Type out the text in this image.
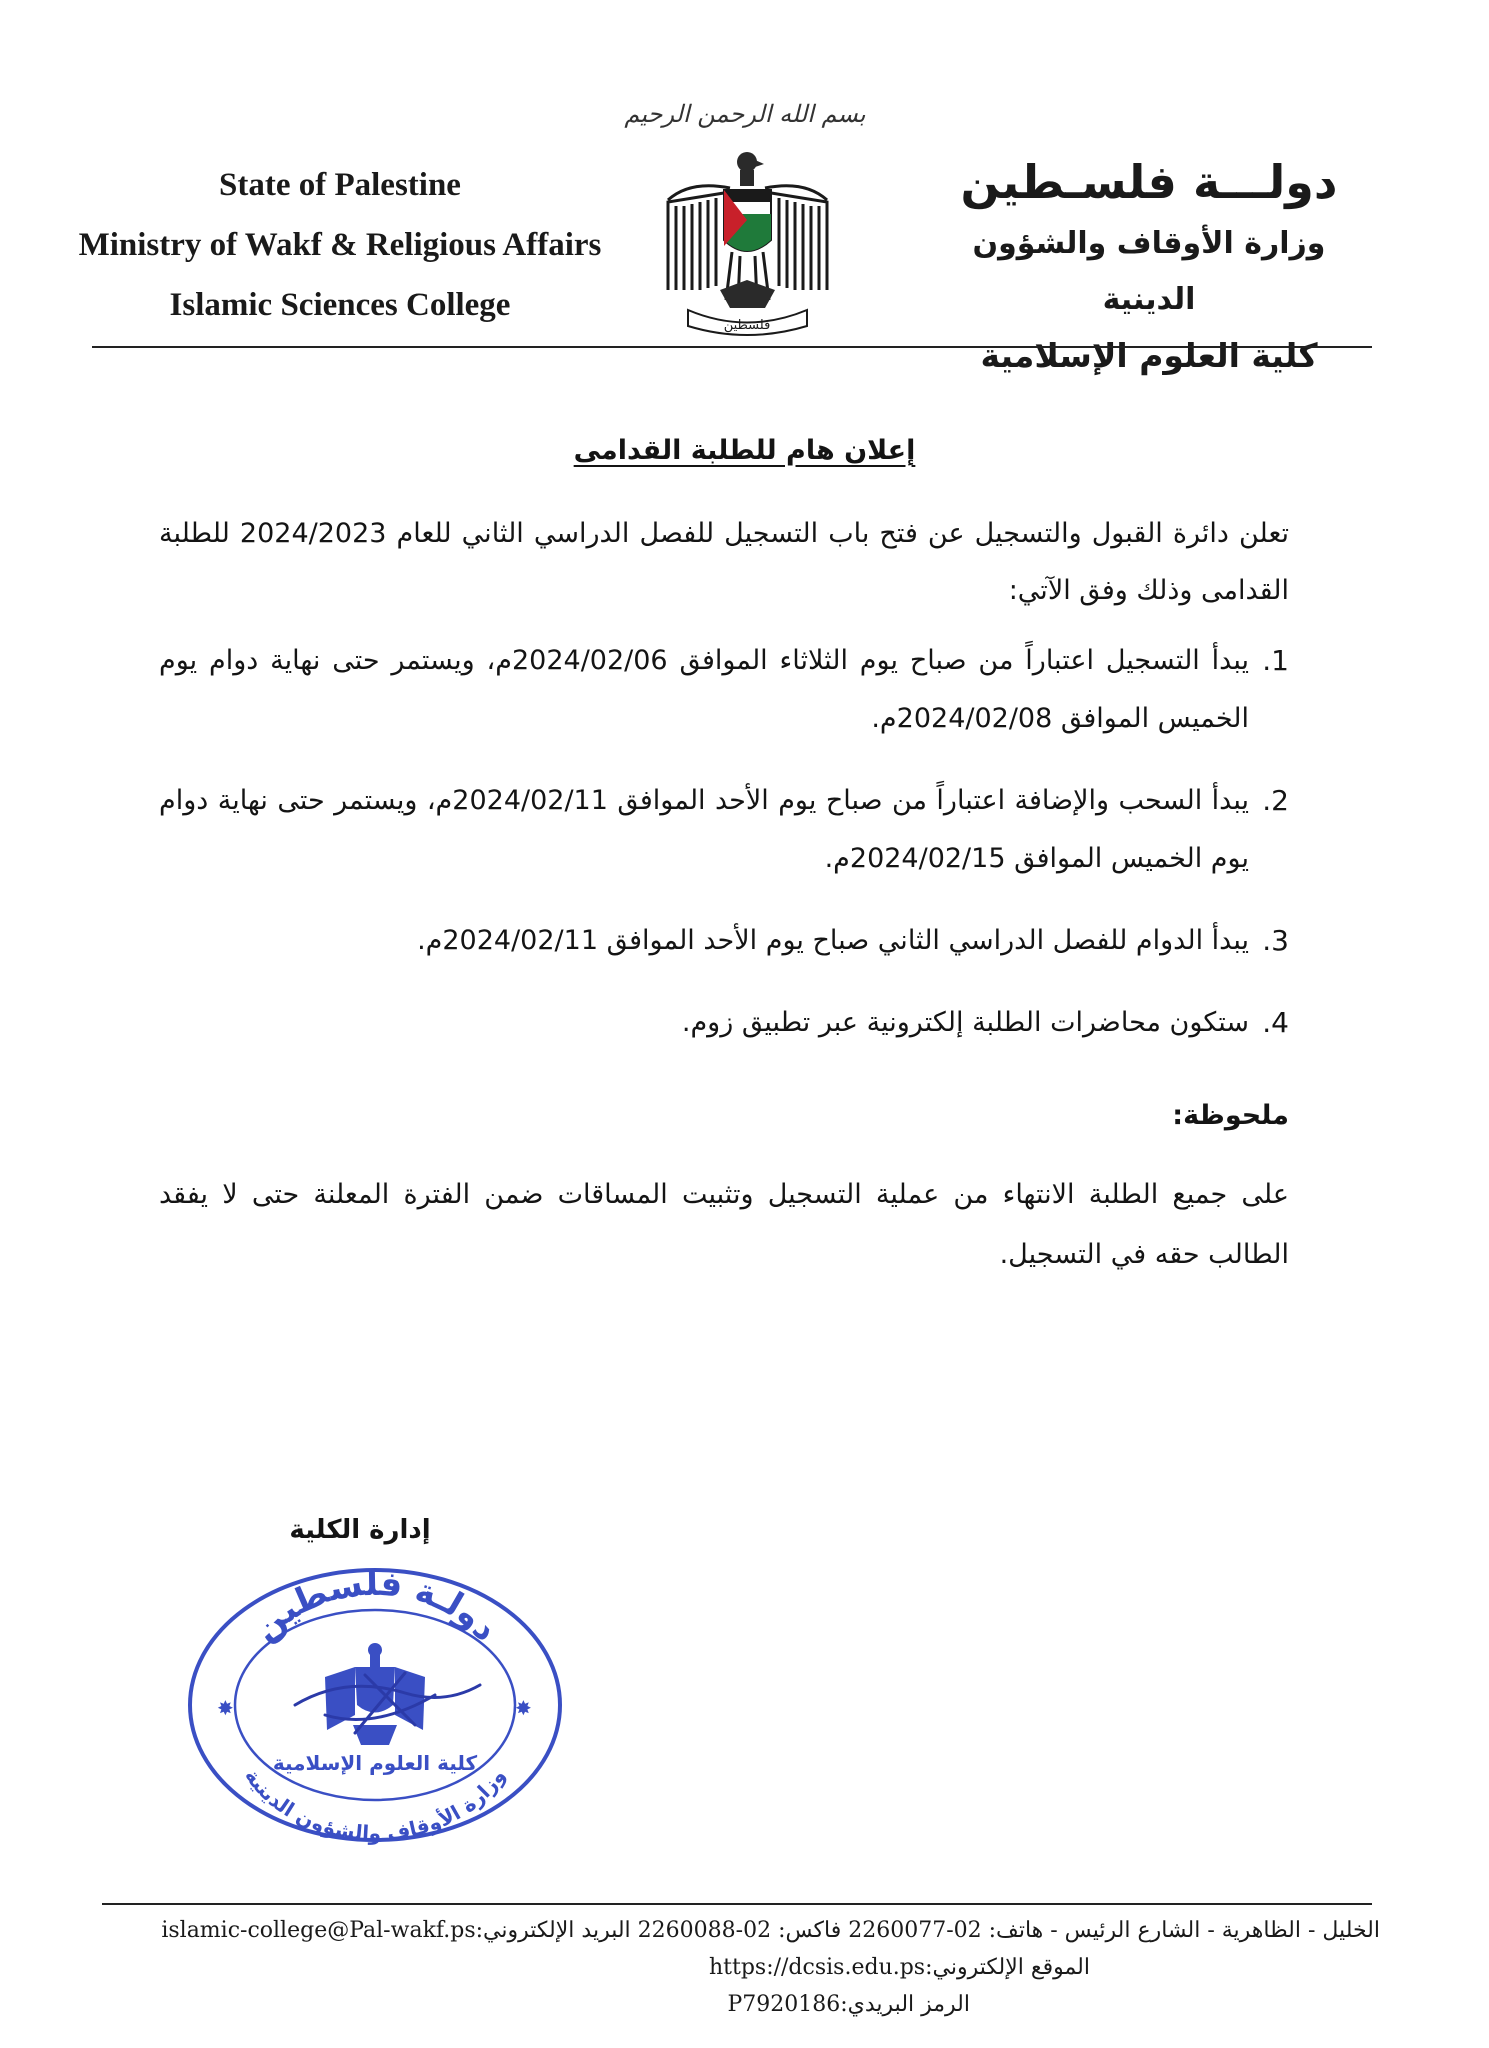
State of Palestine
Ministry of Wakf & Religious Affairs
Islamic Sciences College
بسم الله الرحمن الرحيم
فلسطين
دولـــة فلسـطين
وزارة الأوقاف والشؤون الدينية
كلية العلوم الإسلامية
إعلان هام للطلبة القدامى
تعلن دائرة القبول والتسجيل عن فتح باب التسجيل للفصل الدراسي الثاني للعام 2024/2023 للطلبة القدامى وذلك وفق الآتي:
1.
يبدأ التسجيل اعتباراً من صباح يوم الثلاثاء الموافق 2024/02/06م، ويستمر حتى نهاية دوام يوم الخميس الموافق 2024/02/08م.
2.
يبدأ السحب والإضافة اعتباراً من صباح يوم الأحد الموافق 2024/02/11م، ويستمر حتى نهاية دوام يوم الخميس الموافق 2024/02/15م.
3.
يبدأ الدوام للفصل الدراسي الثاني صباح يوم الأحد الموافق 2024/02/11م.
4.
ستكون محاضرات الطلبة إلكترونية عبر تطبيق زوم.
ملحوظة:
على جميع الطلبة الانتهاء من عملية التسجيل وتثبيت المساقات ضمن الفترة المعلنة حتى لا يفقد الطالب حقه في التسجيل.
إدارة الكلية
✸	✸
دولـة فلسطين
كلية العلوم الإسلامية
وزارة الأوقاف والشؤون الدينية
الخليل - الظاهرية - الشارع الرئيس - هاتف: 02-2260077 فاكس: 02-2260088 البريد الإلكتروني:islamic-college@Pal-wakf.ps
الموقع الإلكتروني:https://dcsis.edu.ps
الرمز البريدي:P7920186
